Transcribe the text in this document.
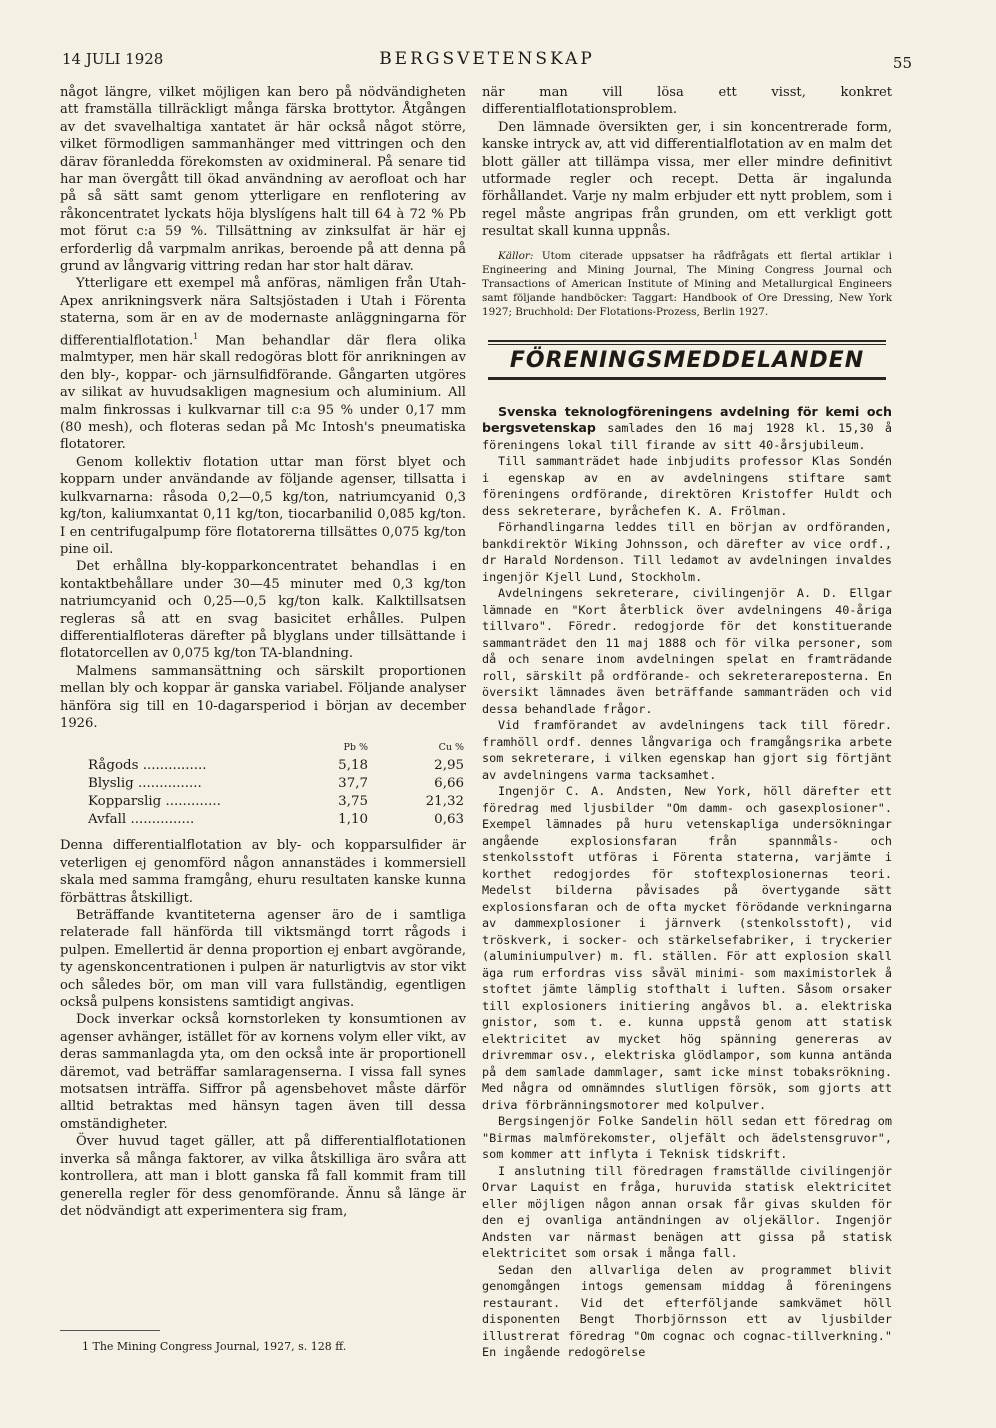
14 JULI 1928	BERGSVETENSKAP	55

något längre, vilket möjligen kan bero på nödvändigheten att framställa tillräckligt många färska brottytor. Åtgången av det svavelhaltiga xantatet är här också något större, vilket förmodligen sammanhänger med vittringen och den därav föranledda förekomsten av oxidmineral. På senare tid har man övergått till ökad användning av aerofloat och har på så sätt samt genom ytterligare en renflotering av råkoncentratet lyckats höja blyslígens halt till 64 à 72 % Pb mot förut c:a 59 %. Tillsättning av zinksulfat är här ej erforderlig då varpmalm anrikas, beroende på att denna på grund av långvarig vittring redan har stor halt därav.

Ytterligare ett exempel må anföras, nämligen från Utah-Apex anrikningsverk nära Saltsjöstaden i Utah i Förenta staterna, som är en av de modernaste anläggningarna för differentialflotation.$^1$ Man behandlar där flera olika malmtyper, men här skall redogöras blott för anrikningen av den bly-, koppar- och järnsulfidförande. Gångarten utgöres av silikat av huvudsakligen magnesium och aluminium. All malm finkrossas i kulkvarnar till c:a 95 % under 0,17 mm (80 mesh), och floteras sedan på Mc Intosh's pneumatiska flotatorer.

Genom kollektiv flotation uttar man först blyet och kopparn under användande av följande agenser, tillsatta i kulkvarnarna: råsoda 0,2—0,5 kg/ton, natriumcyanid 0,3 kg/ton, kaliumxantat 0,11 kg/ton, tiocarbanilid 0,085 kg/ton. I en centrifugalpump före flotatorerna tillsättes 0,075 kg/ton pine oil.

Det erhållna bly-kopparkoncentratet behandlas i en kontaktbehållare under 30—45 minuter med 0,3 kg/ton natriumcyanid och 0,25—0,5 kg/ton kalk. Kalktillsatsen regleras så att en svag basicitet erhålles. Pulpen differentialfloteras därefter på blyglans under tillsättande i flotatorcellen av 0,075 kg/ton TA-blandning.

Malmens sammansättning och särskilt proportionen mellan bly och koppar är ganska variabel. Följande analyser hänföra sig till en 10-dagarsperiod i början av december 1926.

	Pb %	Cu %
Rågods ...............	5,18	2,95
Blyslig ...............	37,7	6,66
Kopparslig .............	3,75	21,32
Avfall ...............	1,10	0,63

Denna differentialflotation av bly- och kopparsulfider är veterligen ej genomförd någon annanstädes i kommersiell skala med samma framgång, ehuru resultaten kanske kunna förbättras åtskilligt.

Beträffande kvantiteterna agenser äro de i samtliga relaterade fall hänförda till viktsmängd torrt rågods i pulpen. Emellertid är denna proportion ej enbart avgörande, ty agenskoncentrationen i pulpen är naturligtvis av stor vikt och således bör, om man vill vara fullständig, egentligen också pulpens konsistens samtidigt angivas.

Dock inverkar också kornstorleken ty konsumtionen av agenser avhänger, istället för av kornens volym eller vikt, av deras sammanlagda yta, om den också inte är proportionell däremot, vad beträffar samlaragenserna. I vissa fall synes motsatsen inträffa. Siffror på agensbehovet måste därför alltid betraktas med hänsyn tagen även till dessa omständigheter.

Över huvud taget gäller, att på differentialflotationen inverka så många faktorer, av vilka åtskilliga äro svåra att kontrollera, att man i blott ganska få fall kommit fram till generella regler för dess genomförande. Ännu så länge är det nödvändigt att experimentera sig fram,

1 The Mining Congress Journal, 1927, s. 128 ff.

när man vill lösa ett visst, konkret differentialflotationsproblem.

Den lämnade översikten ger, i sin koncentrerade form, kanske intryck av, att vid differentialflotation av en malm det blott gäller att tillämpa vissa, mer eller mindre definitivt utformade regler och recept. Detta är ingalunda förhållandet. Varje ny malm erbjuder ett nytt problem, som i regel måste angripas från grunden, om ett verkligt gott resultat skall kunna uppnås.

Källor: Utom citerade uppsatser ha rådfrågats ett flertal artiklar i Engineering and Mining Journal, The Mining Congress Journal och Transactions of American Institute of Mining and Metallurgical Engineers samt följande handböcker: Taggart: Handbook of Ore Dressing, New York 1927; Bruchhold: Der Flotations-Prozess, Berlin 1927.

FÖRENINGSMEDDELANDEN

Svenska teknologföreningens avdelning för kemi och bergsvetenskap samlades den 16 maj 1928 kl. 15,30 å föreningens lokal till firande av sitt 40-årsjubileum.

Till sammanträdet hade inbjudits professor Klas Sondén i egenskap av en av avdelningens stiftare samt föreningens ordförande, direktören Kristoffer Huldt och dess sekreterare, byråchefen K. A. Frölman.

Förhandlingarna leddes till en början av ordföranden, bankdirektör Wiking Johnsson, och därefter av vice ordf., dr Harald Nordenson. Till ledamot av avdelningen invaldes ingenjör Kjell Lund, Stockholm.

Avdelningens sekreterare, civilingenjör A. D. Ellgar lämnade en "Kort återblick över avdelningens 40-åriga tillvaro". Föredr. redogjorde för det konstituerande sammanträdet den 11 maj 1888 och för vilka personer, som då och senare inom avdelningen spelat en framträdande roll, särskilt på ordförande- och sekreterareposterna. En översikt lämnades även beträffande sammanträden och vid dessa behandlade frågor.

Vid framförandet av avdelningens tack till föredr. framhöll ordf. dennes långvariga och framgångsrika arbete som sekreterare, i vilken egenskap han gjort sig förtjänt av avdelningens varma tacksamhet.

Ingenjör C. A. Andsten, New York, höll därefter ett föredrag med ljusbilder "Om damm- och gasexplosioner". Exempel lämnades på huru vetenskapliga undersökningar angående explosionsfaran från spannmåls- och stenkolsstoft utföras i Förenta staterna, varjämte i korthet redogjordes för stoftexplosionernas teori. Medelst bilderna påvisades på övertygande sätt explosionsfaran och de ofta mycket förödande verkningarna av dammexplosioner i järnverk (stenkolsstoft), vid tröskverk, i socker- och stärkelsefabriker, i tryckerier (aluminiumpulver) m. fl. ställen. För att explosion skall äga rum erfordras viss såväl minimi- som maximistorlek å stoftet jämte lämplig stofthalt i luften. Såsom orsaker till explosioners initiering angåvos bl. a. elektriska gnistor, som t. e. kunna uppstå genom att statisk elektricitet av mycket hög spänning genereras av drivremmar osv., elektriska glödlampor, som kunna antända på dem samlade dammlager, samt icke minst tobaksrökning. Med några od omnämndes slutligen försök, som gjorts att driva förbränningsmotorer med kolpulver.

Bergsingenjör Folke Sandelin höll sedan ett föredrag om "Birmas malmförekomster, oljefält och ädelstensgruvor", som kommer att inflyta i Teknisk tidskrift.

I anslutning till föredragen framställde civilingenjör Orvar Laquist en fråga, huruvida statisk elektricitet eller möjligen någon annan orsak får givas skulden för den ej ovanliga antändningen av oljekällor. Ingenjör Andsten var närmast benägen att gissa på statisk elektricitet som orsak i många fall.

Sedan den allvarliga delen av programmet blivit genomgången intogs gemensam middag å föreningens restaurant. Vid det efterföljande samkvämet höll disponenten Bengt Thorbjörnsson ett av ljusbilder illustrerat föredrag "Om cognac och cognac-tillverkning." En ingående redogörelse
